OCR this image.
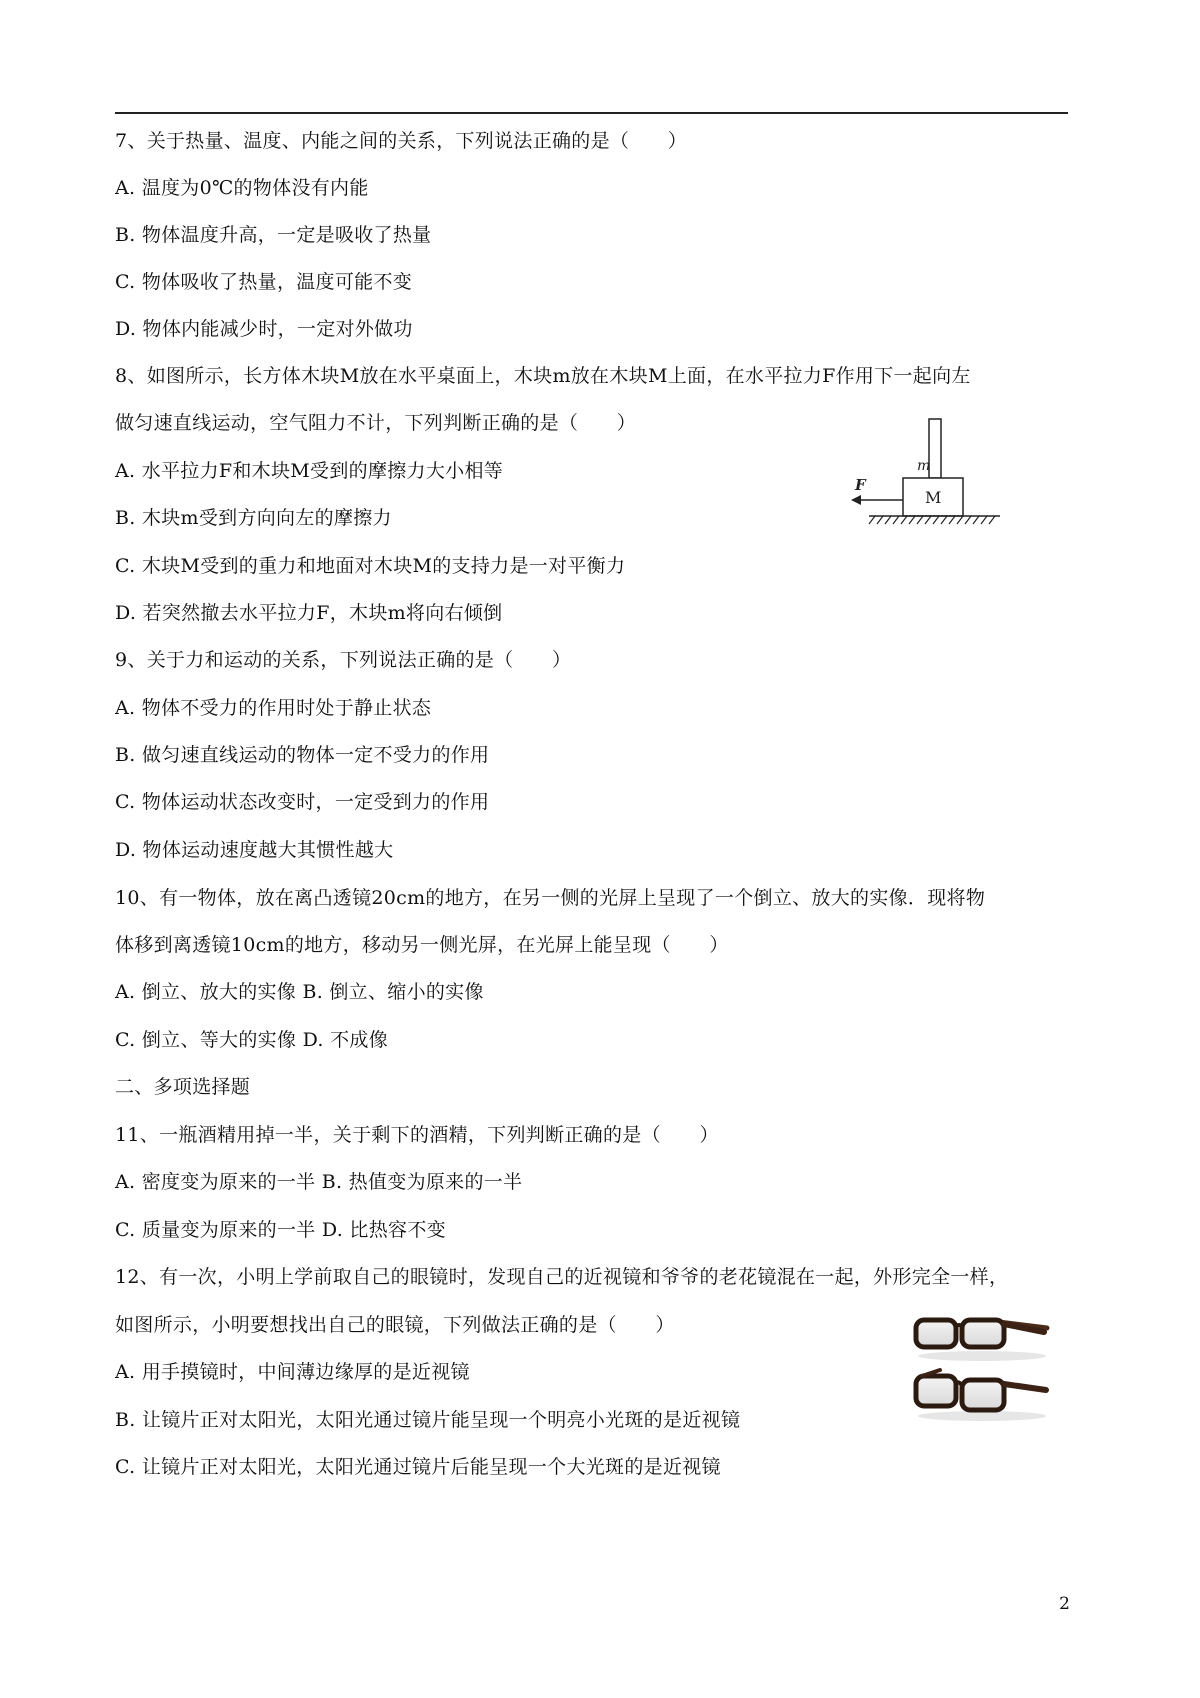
7、关于热量、温度、内能之间的关系，下列说法正确的是（　　）
A. 温度为0℃的物体没有内能
B. 物体温度升高，一定是吸收了热量
C. 物体吸收了热量，温度可能不变
D. 物体内能减少时，一定对外做功
8、如图所示，长方体木块M放在水平桌面上，木块m放在木块M上面，在水平拉力F作用下一起向左
做匀速直线运动，空气阻力不计，下列判断正确的是（　　）
A. 水平拉力F和木块M受到的摩擦力大小相等
B. 木块m受到方向向左的摩擦力
C. 木块M受到的重力和地面对木块M的支持力是一对平衡力
D. 若突然撤去水平拉力F，木块m将向右倾倒
9、关于力和运动的关系，下列说法正确的是（　　）
A. 物体不受力的作用时处于静止状态
B. 做匀速直线运动的物体一定不受力的作用
C. 物体运动状态改变时，一定受到力的作用
D. 物体运动速度越大其惯性越大
10、有一物体，放在离凸透镜20cm的地方，在另一侧的光屏上呈现了一个倒立、放大的实像．现将物
体移到离透镜10cm的地方，移动另一侧光屏，在光屏上能呈现（　　）
A. 倒立、放大的实像 B. 倒立、缩小的实像
C. 倒立、等大的实像 D. 不成像
二、多项选择题
11、一瓶酒精用掉一半，关于剩下的酒精，下列判断正确的是（　　）
A. 密度变为原来的一半 B. 热值变为原来的一半
C. 质量变为原来的一半 D. 比热容不变
12、有一次，小明上学前取自己的眼镜时，发现自己的近视镜和爷爷的老花镜混在一起，外形完全一样，
如图所示，小明要想找出自己的眼镜，下列做法正确的是（　　）
A. 用手摸镜时，中间薄边缘厚的是近视镜
B. 让镜片正对太阳光，太阳光通过镜片能呈现一个明亮小光斑的是近视镜
C. 让镜片正对太阳光，太阳光通过镜片后能呈现一个大光斑的是近视镜
m
M
F
2
